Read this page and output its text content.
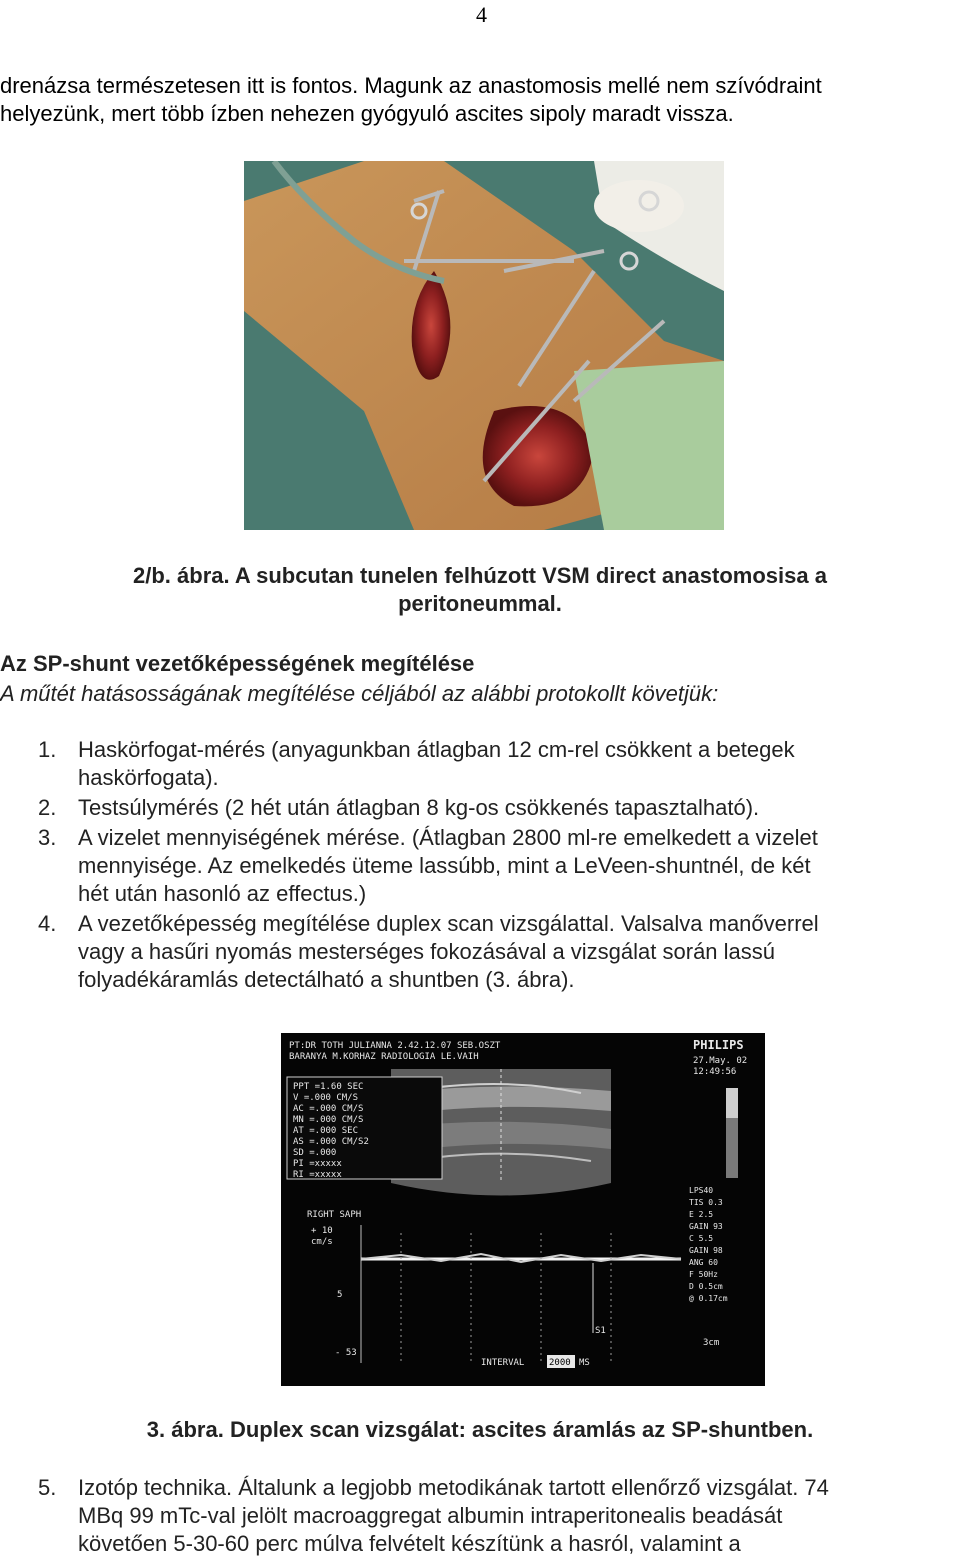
4
drenázsa természetesen itt is fontos. Magunk az anastomosis mellé nem szívódraint
helyezünk, mert több ízben nehezen gyógyuló ascites sipoly maradt vissza.
2/b. ábra. A subcutan tunelen felhúzott VSM direct anastomosisa a
peritoneummal.
Az SP-shunt vezetőképességének megítélése
A műtét hatásosságának megítélése céljából az alábbi protokollt követjük:
1. Haskörfogat-mérés (anyagunkban átlagban 12 cm-rel csökkent a betegek
haskörfogata).
2. Testsúlymérés (2 hét után átlagban 8 kg-os csökkenés tapasztalható).
3. A vizelet mennyiségének mérése. (Átlagban 2800 ml-re emelkedett a vizelet
mennyisége. Az emelkedés üteme lassúbb, mint a LeVeen-shuntnél, de két
hét után hasonló az effectus.)
4. A vezetőképesség megítélése duplex scan vizsgálattal. Valsalva manőverrel
vagy a hasűri nyomás mesterséges fokozásával a vizsgálat során lassú
folyadékáramlás detectálható a shuntben (3. ábra).
PT:DR TOTH JULIANNA 2.42.12.07 SEB.OSZT
BARANYA M.KORHAZ RADIOLOGIA LE.VAIH
PHILIPS
27.May. 02
12:49:56
PPT =1.60 SEC
V =.000 CM/S
AC =.000 CM/S
MN =.000 CM/S
AT =.000 SEC
AS =.000 CM/S2
SD =.000
PI =xxxxx
RI =xxxxx
LPS40
TIS 0.3
E 2.5
GAIN 93
C 5.5
GAIN 98
ANG 60
F 50Hz
D 0.5cm
@ 0.17cm
3cm
RIGHT SAPH
+ 10
cm/s
5
- 53
S1
INTERVAL	2000 MS
3. ábra. Duplex scan vizsgálat: ascites áramlás az SP-shuntben.
5. Izotóp technika. Általunk a legjobb metodikának tartott ellenőrző vizsgálat. 74
MBq 99 mTc-val jelölt macroaggregat albumin intraperitonealis beadását
követően 5-30-60 perc múlva felvételt készítünk a hasról, valamint a
